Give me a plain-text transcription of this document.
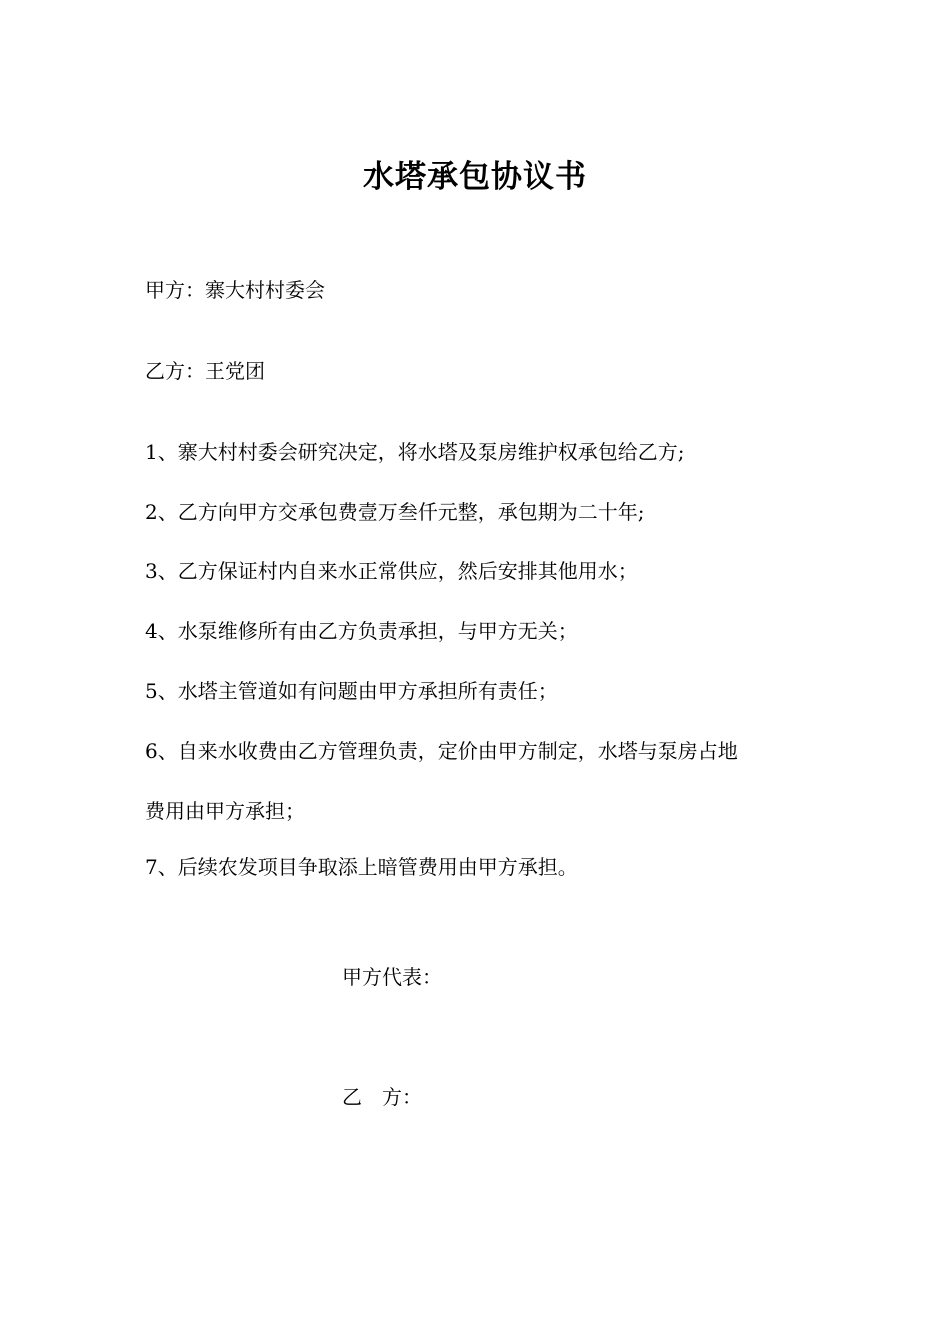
水塔承包协议书
甲方：寨大村村委会
乙方：王党团
1、寨大村村委会研究决定，将水塔及泵房维护权承包给乙方;
2、乙方向甲方交承包费壹万叁仟元整，承包期为二十年;
3、乙方保证村内自来水正常供应，然后安排其他用水；
4、水泵维修所有由乙方负责承担，与甲方无关；
5、水塔主管道如有问题由甲方承担所有责任；
6、自来水收费由乙方管理负责，定价由甲方制定，水塔与泵房占地
费用由甲方承担；
7、后续农发项目争取添上暗管费用由甲方承担。
甲方代表：
乙　方：
